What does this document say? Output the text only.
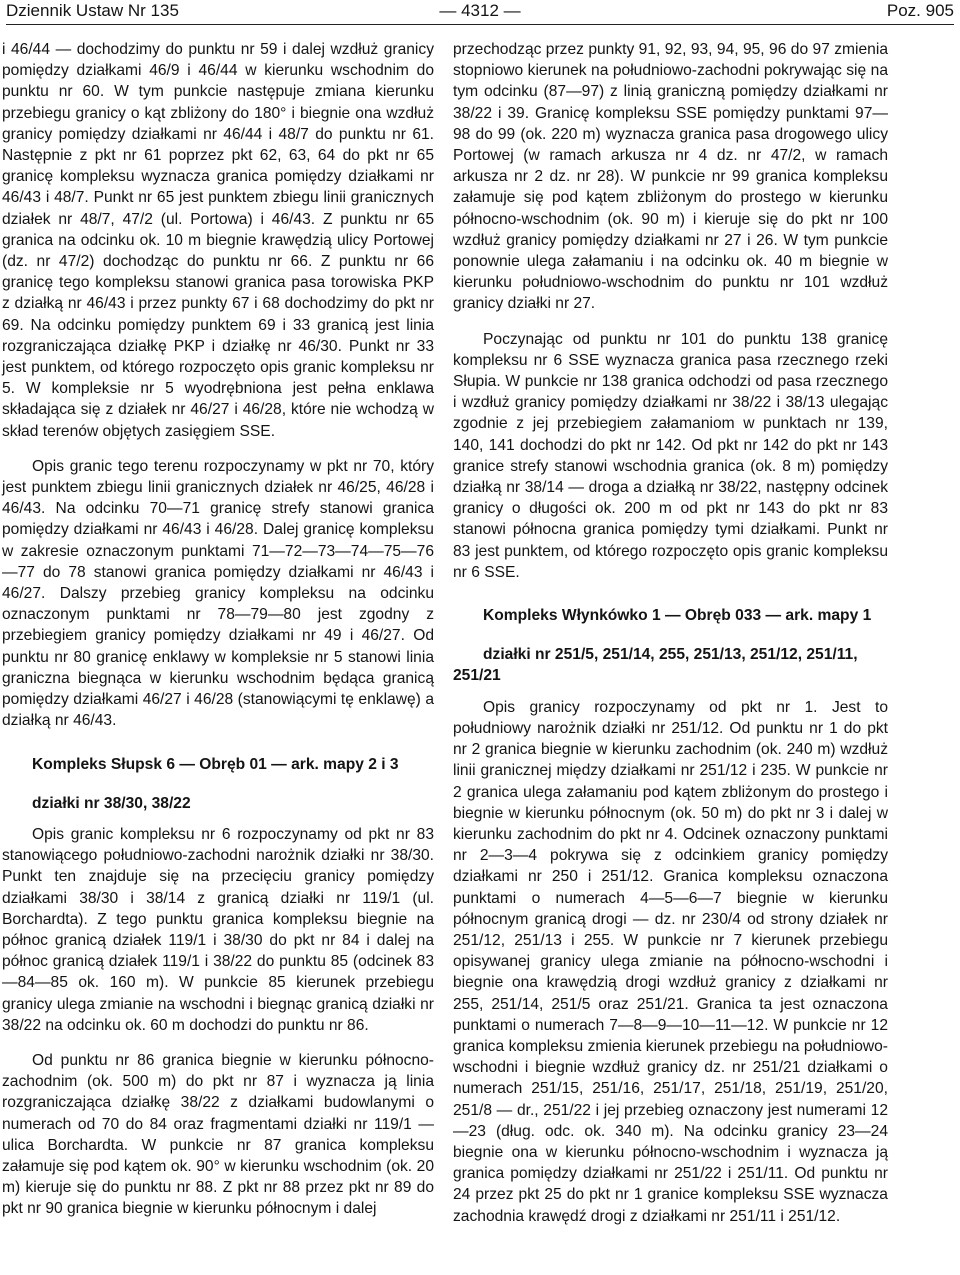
Dziennik Ustaw Nr 135	— 4312 —	Poz. 905

i 46/44 — dochodzimy do punktu nr 59 i dalej wzdłuż granicy pomiędzy działkami 46/9 i 46/44 w kierunku wschodnim do punktu nr 60. W tym punkcie następuje zmiana kierunku przebiegu granicy o kąt zbliżony do 180° i biegnie ona wzdłuż granicy pomiędzy działkami nr 46/44 i 48/7 do punktu nr 61. Następnie z pkt nr 61 poprzez pkt 62, 63, 64 do pkt nr 65 granicę kompleksu wyznacza granica pomiędzy działkami nr 46/43 i 48/7. Punkt nr 65 jest punktem zbiegu linii granicznych działek nr 48/7, 47/2 (ul. Portowa) i 46/43. Z punktu nr 65 granica na odcinku ok. 10 m biegnie krawędzią ulicy Portowej (dz. nr 47/2) dochodząc do punktu nr 66. Z punktu nr 66 granicę tego kompleksu stanowi granica pasa torowiska PKP z działką nr 46/43 i przez punkty 67 i 68 dochodzimy do pkt nr 69. Na odcinku pomiędzy punktem 69 i 33 granicą jest linia rozgraniczająca działkę PKP i działkę nr 46/30. Punkt nr 33 jest punktem, od którego rozpoczęto opis granic kompleksu nr 5. W kompleksie nr 5 wyodrębniona jest pełna enklawa składająca się z działek nr 46/27 i 46/28, które nie wchodzą w skład terenów objętych zasięgiem SSE.

Opis granic tego terenu rozpoczynamy w pkt nr 70, który jest punktem zbiegu linii granicznych działek nr 46/25, 46/28 i 46/43. Na odcinku 70—71 granicę strefy stanowi granica pomiędzy działkami nr 46/43 i 46/28. Dalej granicę kompleksu w zakresie oznaczonym punktami 71—72—73—74—75—76—77 do 78 stanowi granica pomiędzy działkami nr 46/43 i 46/27. Dalszy przebieg granicy kompleksu na odcinku oznaczonym punktami nr 78—79—80 jest zgodny z przebiegiem granicy pomiędzy działkami nr 49 i 46/27. Od punktu nr 80 granicę enklawy w kompleksie nr 5 stanowi linia graniczna biegnąca w kierunku wschodnim będąca granicą pomiędzy działkami 46/27 i 46/28 (stanowiącymi tę enklawę) a działką nr 46/43.

Kompleks Słupsk 6 — Obręb 01 — ark. mapy 2 i 3
działki nr 38/30, 38/22

Opis granic kompleksu nr 6 rozpoczynamy od pkt nr 83 stanowiącego południowo-zachodni narożnik działki nr 38/30. Punkt ten znajduje się na przecięciu granicy pomiędzy działkami 38/30 i 38/14 z granicą działki nr 119/1 (ul. Borchardta). Z tego punktu granica kompleksu biegnie na północ granicą działek 119/1 i 38/30 do pkt nr 84 i dalej na północ granicą działek 119/1 i 38/22 do punktu 85 (odcinek 83—84—85 ok. 160 m). W punkcie 85 kierunek przebiegu granicy ulega zmianie na wschodni i biegnąc granicą działki nr 38/22 na odcinku ok. 60 m dochodzi do punktu nr 86.

Od punktu nr 86 granica biegnie w kierunku północno-zachodnim (ok. 500 m) do pkt nr 87 i wyznacza ją linia rozgraniczająca działkę 38/22 z działkami budowlanymi o numerach od 70 do 84 oraz fragmentami działki nr 119/1 — ulica Borchardta. W punkcie nr 87 granica kompleksu załamuje się pod kątem ok. 90° w kierunku wschodnim (ok. 20 m) kieruje się do punktu nr 88. Z pkt nr 88 przez pkt nr 89 do pkt nr 90 granica biegnie w kierunku północnym i dalej

przechodząc przez punkty 91, 92, 93, 94, 95, 96 do 97 zmienia stopniowo kierunek na południowo-zachodni pokrywając się na tym odcinku (87—97) z linią graniczną pomiędzy działkami nr 38/22 i 39. Granicę kompleksu SSE pomiędzy punktami 97—98 do 99 (ok. 220 m) wyznacza granica pasa drogowego ulicy Portowej (w ramach arkusza nr 4 dz. nr 47/2, w ramach arkusza nr 2 dz. nr 28). W punkcie nr 99 granica kompleksu załamuje się pod kątem zbliżonym do prostego w kierunku północno-wschodnim (ok. 90 m) i kieruje się do pkt nr 100 wzdłuż granicy pomiędzy działkami nr 27 i 26. W tym punkcie ponownie ulega załamaniu i na odcinku ok. 40 m biegnie w kierunku południowo-wschodnim do punktu nr 101 wzdłuż granicy działki nr 27.

Poczynając od punktu nr 101 do punktu 138 granicę kompleksu nr 6 SSE wyznacza granica pasa rzecznego rzeki Słupia. W punkcie nr 138 granica odchodzi od pasa rzecznego i wzdłuż granicy pomiędzy działkami nr 38/22 i 38/13 ulegając zgodnie z jej przebiegiem załamaniom w punktach nr 139, 140, 141 dochodzi do pkt nr 142. Od pkt nr 142 do pkt nr 143 granice strefy stanowi wschodnia granica (ok. 8 m) pomiędzy działką nr 38/14 — droga a działką nr 38/22, następny odcinek granicy o długości ok. 200 m od pkt nr 143 do pkt nr 83 stanowi północna granica pomiędzy tymi działkami. Punkt nr 83 jest punktem, od którego rozpoczęto opis granic kompleksu nr 6 SSE.

Kompleks Włynkówko 1 — Obręb 033 — ark. mapy 1
działki nr 251/5, 251/14, 255, 251/13, 251/12, 251/11, 251/21

Opis granicy rozpoczynamy od pkt nr 1. Jest to południowy narożnik działki nr 251/12. Od punktu nr 1 do pkt nr 2 granica biegnie w kierunku zachodnim (ok. 240 m) wzdłuż linii granicznej między działkami nr 251/12 i 235. W punkcie nr 2 granica ulega załamaniu pod kątem zbliżonym do prostego i biegnie w kierunku północnym (ok. 50 m) do pkt nr 3 i dalej w kierunku zachodnim do pkt nr 4. Odcinek oznaczony punktami nr 2—3—4 pokrywa się z odcinkiem granicy pomiędzy działkami nr 250 i 251/12. Granica kompleksu oznaczona punktami o numerach 4—5—6—7 biegnie w kierunku północnym granicą drogi — dz. nr 230/4 od strony działek nr 251/12, 251/13 i 255. W punkcie nr 7 kierunek przebiegu opisywanej granicy ulega zmianie na północno-wschodni i biegnie ona krawędzią drogi wzdłuż granicy z działkami nr 255, 251/14, 251/5 oraz 251/21. Granica ta jest oznaczona punktami o numerach 7—8—9—10—11—12. W punkcie nr 12 granica kompleksu zmienia kierunek przebiegu na południowo-wschodni i biegnie wzdłuż granicy dz. nr 251/21 działkami o numerach 251/15, 251/16, 251/17, 251/18, 251/19, 251/20, 251/8 — dr., 251/22 i jej przebieg oznaczony jest numerami 12—23 (dług. odc. ok. 340 m). Na odcinku granicy 23—24 biegnie ona w kierunku północno-wschodnim i wyznacza ją granica pomiędzy działkami nr 251/22 i 251/11. Od punktu nr 24 przez pkt 25 do pkt nr 1 granice kompleksu SSE wyznacza zachodnia krawędź drogi z działkami nr 251/11 i 251/12.
